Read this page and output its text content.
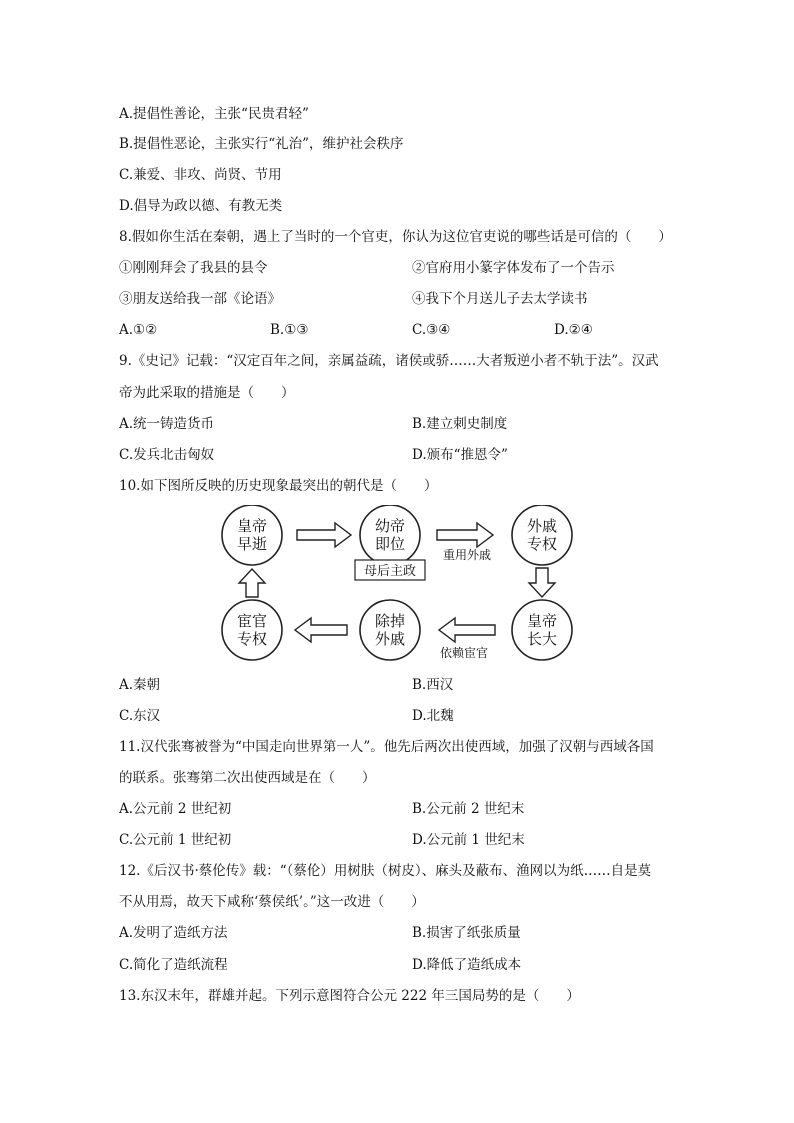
A.提倡性善论，主张“民贵君轻”
B.提倡性恶论，主张实行“礼治”，维护社会秩序
C.兼爱、非攻、尚贤、节用
D.倡导为政以德、有教无类
8.假如你生活在秦朝，遇上了当时的一个官吏，你认为这位官吏说的哪些话是可信的（　　）
①刚刚拜会了我县的县令	②官府用小篆字体发布了一个告示
③朋友送给我一部《论语》	④我下个月送儿子去太学读书
A.①②	B.①③	C.③④	D.②④
9.《史记》记载：“汉定百年之间，亲属益疏，诸侯或骄……大者叛逆小者不轨于法”。汉武
帝为此采取的措施是（　　）
A.统一铸造货币	B.建立刺史制度
C.发兵北击匈奴	D.颁布“推恩令”
10.如下图所反映的历史现象最突出的朝代是（　　）
皇帝
早逝
幼帝
即位
外戚
专权
皇帝
长大
除掉
外戚
宦官
专权
母后主政
重用外戚
依赖宦官
A.秦朝	B.西汉
C.东汉	D.北魏
11.汉代张骞被誉为“中国走向世界第一人”。他先后两次出使西域，加强了汉朝与西域各国
的联系。张骞第二次出使西域是在（　　）
A.公元前 2 世纪初	B.公元前 2 世纪末
C.公元前 1 世纪初	D.公元前 1 世纪末
12.《后汉书·蔡伦传》载：“（蔡伦）用树肤（树皮）、麻头及蔽布、渔网以为纸……自是莫
不从用焉，故天下咸称‘蔡侯纸’。”这一改进（　　）
A.发明了造纸方法	B.损害了纸张质量
C.简化了造纸流程	D.降低了造纸成本
13.东汉末年，群雄并起。下列示意图符合公元 222 年三国局势的是（　　）
